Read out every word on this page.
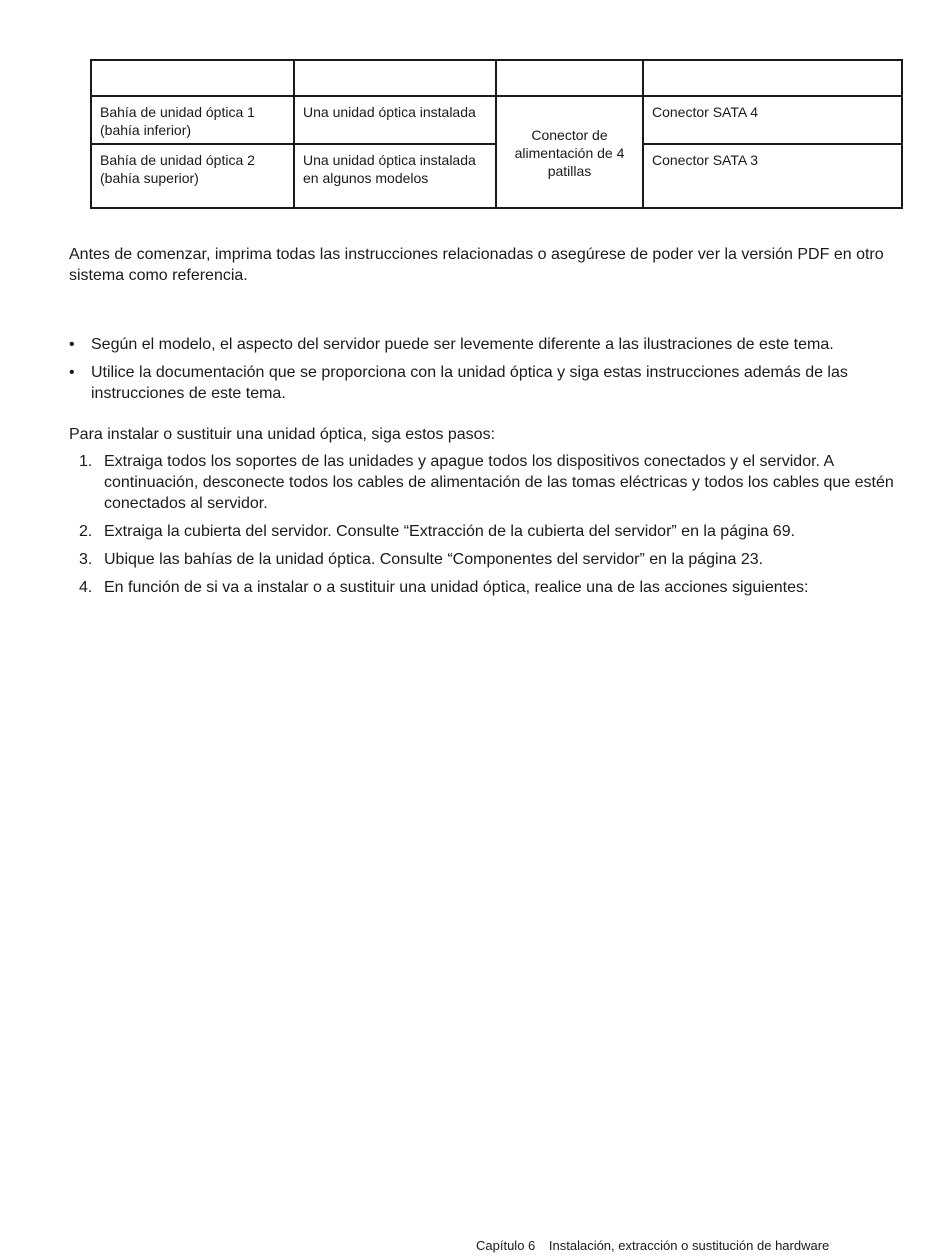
Bahía de unidad óptica 1 (bahía inferior)	Una unidad óptica instalada	Conector de alimentación de 4 patillas	Conector SATA 4
Bahía de unidad óptica 2 (bahía superior)	Una unidad óptica instalada en algunos modelos		Conector SATA 3

Antes de comenzar, imprima todas las instrucciones relacionadas o asegúrese de poder ver la versión PDF en otro sistema como referencia.

• Según el modelo, el aspecto del servidor puede ser levemente diferente a las ilustraciones de este tema.
• Utilice la documentación que se proporciona con la unidad óptica y siga estas instrucciones además de las instrucciones de este tema.

Para instalar o sustituir una unidad óptica, siga estos pasos:

1. Extraiga todos los soportes de las unidades y apague todos los dispositivos conectados y el servidor. A continuación, desconecte todos los cables de alimentación de las tomas eléctricas y todos los cables que estén conectados al servidor.
2. Extraiga la cubierta del servidor. Consulte “Extracción de la cubierta del servidor” en la página 69.
3. Ubique las bahías de la unidad óptica. Consulte “Componentes del servidor” en la página 23.
4. En función de si va a instalar o a sustituir una unidad óptica, realice una de las acciones siguientes:
Capítulo 6 Instalación, extracción o sustitución de hardware
